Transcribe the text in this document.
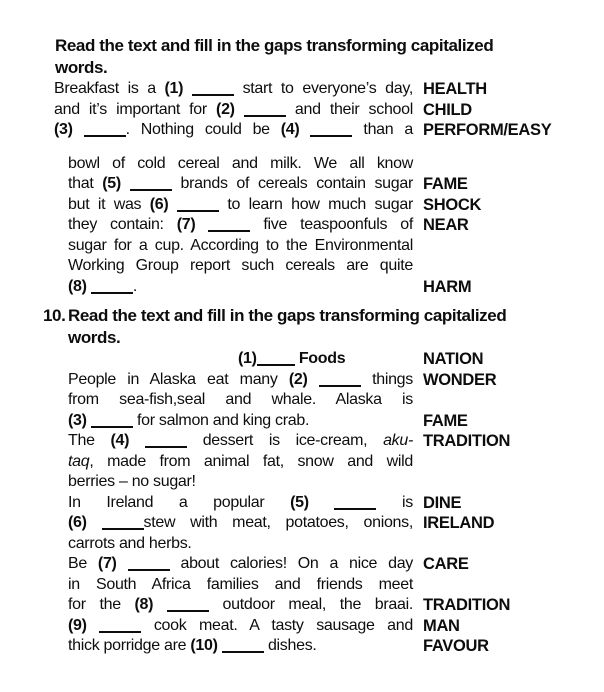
Read the text and fill in the gaps transforming capitalized
words.
Breakfast is a (1)	start to everyone’s day, HEALTH
and it’s important for (2)	and their school CHILD
(3)	. Nothing could be (4)	than a PERFORM/EASY
bowl of cold cereal and milk. We all know
that (5)	brands of cereals contain sugar FAME
but it was (6)	to learn how much sugar SHOCK
they contain: (7)	five teaspoonfuls of NEAR
sugar for a cup. According to the Environmental
Working Group report such cereals are quite
(8)	.	HARM
10. Read the text and fill in the gaps transforming capitalized
words.
(1)	Foods	NATION
People in Alaska eat many (2)	things WONDER
from sea-fish,seal and whale. Alaska is
(3)	for salmon and king crab.	FAME
The (4)	dessert is ice-cream, aku- TRADITION
taq, made from animal fat, snow and wild
berries – no sugar!
In Ireland a popular (5)	is DINE
(6)	stew with meat, potatoes, onions, IRELAND
carrots and herbs.
Be (7)	about calories! On a nice day CARE
in South Africa families and friends meet
for the (8)	outdoor meal, the braai. TRADITION
(9)	cook meat. A tasty sausage and MAN
thick porridge are (10)	dishes.	FAVOUR
